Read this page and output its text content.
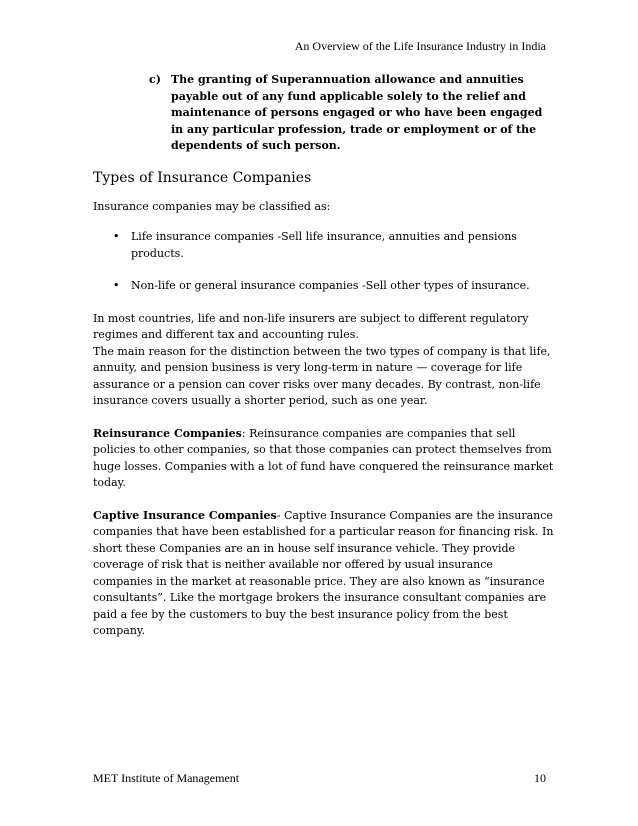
An Overview of the Life Insurance Industry in India
c) The granting of Superannuation allowance and annuities payable out of any fund applicable solely to the relief and maintenance of persons engaged or who have been engaged in any particular profession, trade or employment or of the dependents of such person.
Types of Insurance Companies

Insurance companies may be classified as:

•	Life insurance companies -Sell life insurance, annuities and pensions products.
•	Non-life or general insurance companies -Sell other types of insurance.

In most countries, life and non-life insurers are subject to different regulatory regimes and different tax and accounting rules.

The main reason for the distinction between the two types of company is that life, annuity, and pension business is very long-term in nature — coverage for life assurance or a pension can cover risks over many decades. By contrast, non-life insurance covers usually a shorter period, such as one year.

Reinsurance Companies: Reinsurance companies are companies that sell policies to other companies, so that those companies can protect themselves from huge losses. Companies with a lot of fund have conquered the reinsurance market today.

Captive Insurance Companies- Captive Insurance Companies are the insurance companies that have been established for a particular reason for financing risk. In short these Companies are an in house self insurance vehicle. They provide coverage of risk that is neither available nor offered by usual insurance companies in the market at reasonable price. They are also known as “insurance consultants”. Like the mortgage brokers the insurance consultant companies are paid a fee by the customers to buy the best insurance policy from the best company.

MET Institute of Management	10
